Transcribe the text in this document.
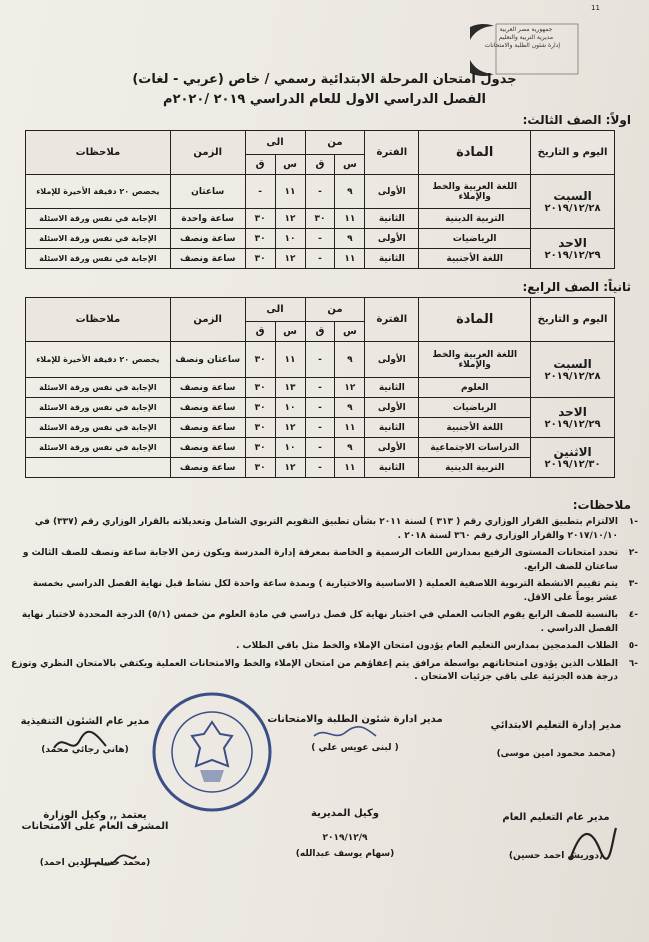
جمهورية مصر العربية
مديرية التربية والتعليم
إدارة شئون الطلبة والامتحانات
11
جدول امتحان المرحلة الابتدائية رسمي / خاص (عربي - لغات)
الفصل الدراسي الاول للعام الدراسي ٢٠١٩ /٢٠٢٠م
اولاً: الصف الثالث:
اليوم و التاريخ	المادة	الفترة	من		الى		الزمن	ملاحظات
			س	ق	س	ق		

السبت
٢٠١٩/١٢/٢٨	اللغة العربية والخط والإملاء	الأولى	٩	-	١١	-	ساعتان	يخصص ٢٠ دقيقة الأخيرة للإملاء
	التربية الدينية	الثانية	١١	٣٠	١٢	٣٠	ساعة واحدة	الإجابة في نفس ورقة الاسئلة

الاحد
٢٠١٩/١٢/٢٩	الرياضيات	الأولى	٩	-	١٠	٣٠	ساعة ونصف	الإجابة في نفس ورقة الاسئلة
	اللغة الأجنبية	الثانية	١١	-	١٢	٣٠	ساعة ونصف	الإجابة في نفس ورقة الاسئلة
ثانياً: الصف الرابع:
اليوم و التاريخ	المادة	الفترة	من		الى		الزمن	ملاحظات
			س	ق	س	ق		

السبت
٢٠١٩/١٢/٢٨	اللغة العربية والخط والإملاء	الأولى	٩	-	١١	٣٠	ساعتان ونصف	يخصص ٢٠ دقيقة الأخيرة للإملاء
	العلوم	الثانية	١٢	-	١٣	٣٠	ساعة ونصف	الإجابة في نفس ورقة الاسئلة

الاحد
٢٠١٩/١٢/٢٩	الرياضيات	الأولى	٩	-	١٠	٣٠	ساعة ونصف	الإجابة في نفس ورقة الاسئلة
	اللغة الأجنبية	الثانية	١١	-	١٢	٣٠	ساعة ونصف	الإجابة في نفس ورقة الاسئلة

الاثنين
٢٠١٩/١٢/٣٠	الدراسات الاجتماعية	الأولى	٩	-	١٠	٣٠	ساعة ونصف	الإجابة في نفس ورقة الاسئلة
	التربية الدينية	الثانية	١١	-	١٢	٣٠	ساعة ونصف	
ملاحظات:
-١
الالتزام بتطبيق القرار الوزاري رقم ( ٣١٣ ) لسنة ٢٠١١ بشأن تطبيق التقويم التربوي الشامل وتعديلاته بالقرار الوزاري رقم (٣٣٧) في ٢٠١٧/١٠/١٠ والقرار الوزاري رقم ٣٦٠ لسنة ٢٠١٨ .
-٢
تحدد امتحانات المستوى الرفيع بمدارس اللغات الرسمية و الخاصة بمعرفة إدارة المدرسة ويكون زمن الاجابة ساعة ونصف للصف الثالث و ساعتان للصف الرابع.
-٣
يتم تقييم الانشطة التربوية اللاصفية العملية ( الاساسية والاختيارية ) وبمدة ساعة واحدة لكل نشاط قبل نهاية الفصل الدراسي بخمسة عشر يوماً على الاقل.
-٤
بالنسبة للصف الرابع يقوم الجانب العملي في اختبار نهاية كل فصل دراسي في مادة العلوم من خمس (٥/١) الدرجة المحددة لاختبار نهاية الفصل الدراسي .
-٥
الطلاب المدمجين بمدارس التعليم العام يؤدون امتحان الإملاء والخط مثل باقي الطلاب .
-٦
الطلاب الذين يؤدون امتحاناتهم بواسطة مرافق يتم إعفاؤهم من امتحان الإملاء والخط والامتحانات العملية ويكتفي بالامتحان النظري وتوزع درجة هذه الجزئية على باقي جزئيات الامتحان .
مدير إدارة التعليم الابتدائي
(محمد محمود امين موسى)
مدير ادارة شئون الطلبة والامتحانات
( لبنى عويس علي )
مدير عام الشئون التنفيذية
(هاني رجائي محمد)
مدير عام التعليم العام
(دوريش احمد حسين)
وكيل المديرية
٢٠١٩/١٢/٩
(سهام يوسف عبدالله)
يعتمد ,, وكيل الوزارة
المشرف العام على الامتحانات
(محمد حسام الدين احمد)
